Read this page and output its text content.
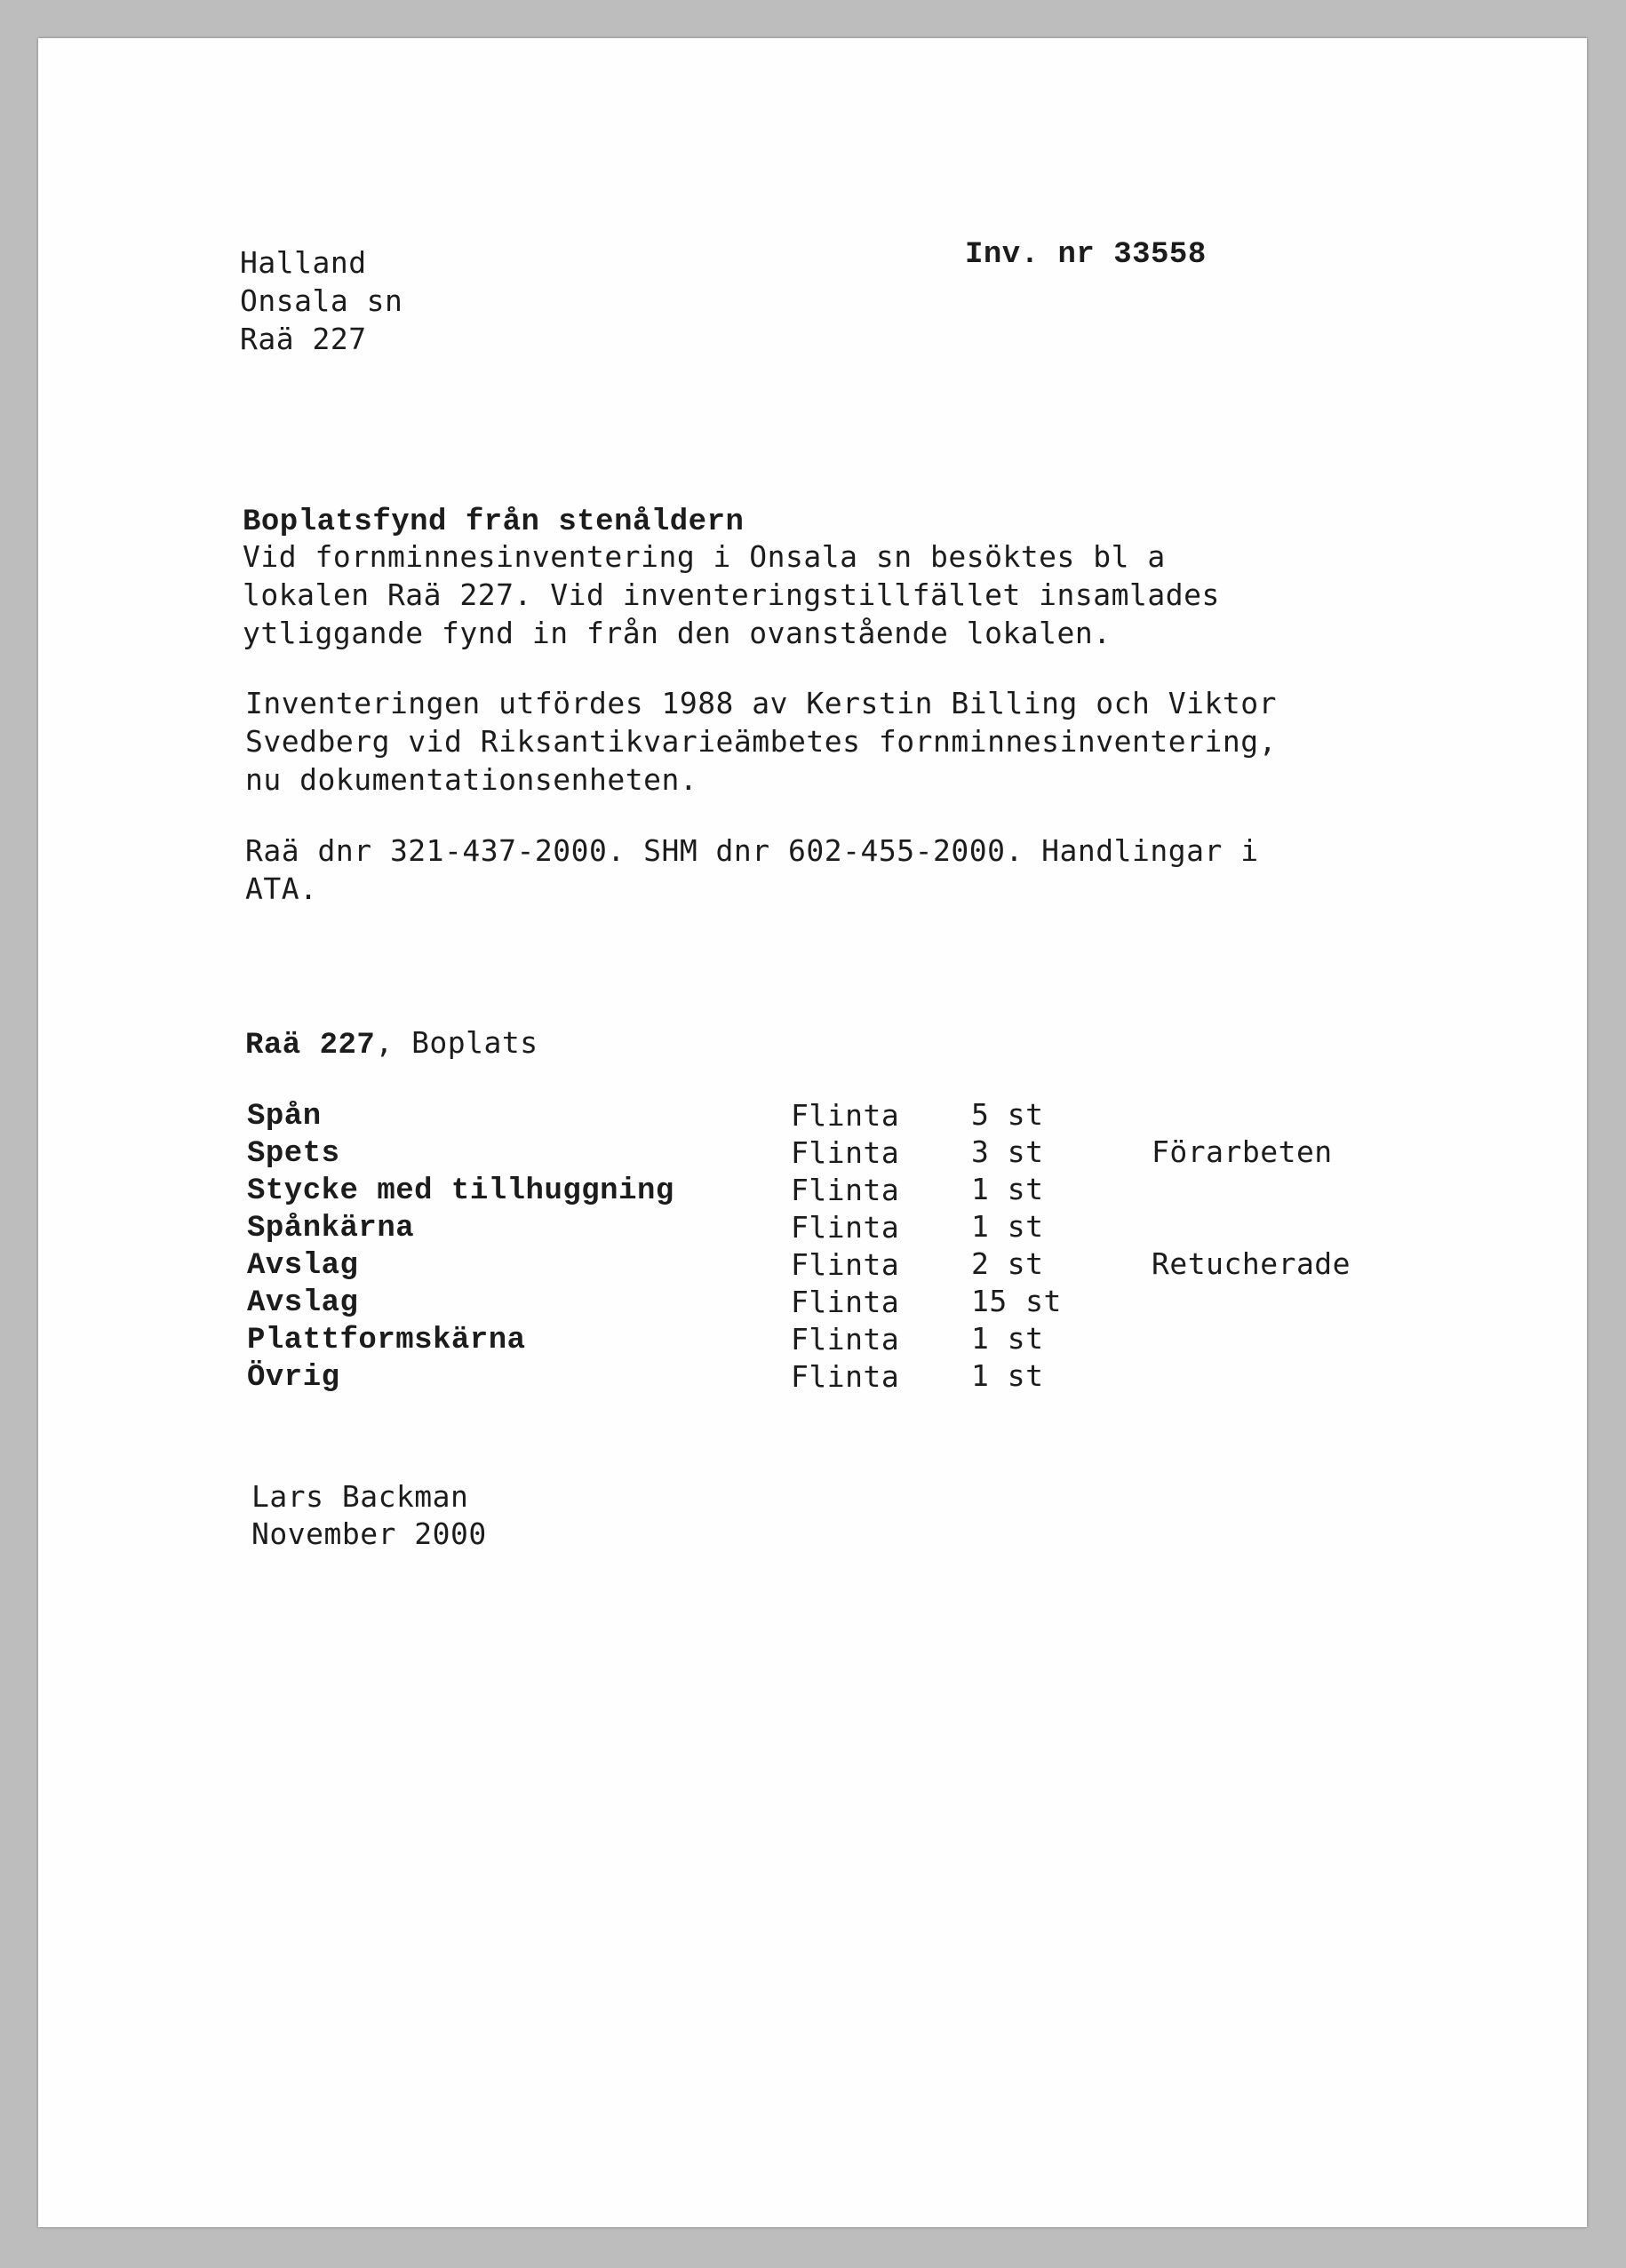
Halland
Onsala sn
Raä 227
Inv. nr 33558
Boplatsfynd från stenåldern
Vid fornminnesinventering i Onsala sn besöktes bl a
lokalen Raä 227. Vid inventeringstillfället insamlades
ytliggande fynd in från den ovanstående lokalen.
Inventeringen utfördes 1988 av Kerstin Billing och Viktor
Svedberg vid Riksantikvarieämbetes fornminnesinventering,
nu dokumentationsenheten.
Raä dnr 321-437-2000. SHM dnr 602-455-2000. Handlingar i
ATA.
Raä 227, Boplats
Spån	Flinta 5 st
Spets	Flinta 3 st	Förarbeten
Stycke med tillhuggning	Flinta 1 st
Spånkärna	Flinta 1 st
Avslag	Flinta 2 st	Retucherade
Avslag	Flinta 15 st
Plattformskärna	Flinta 1 st
Övrig	Flinta 1 st
Lars Backman
November 2000
